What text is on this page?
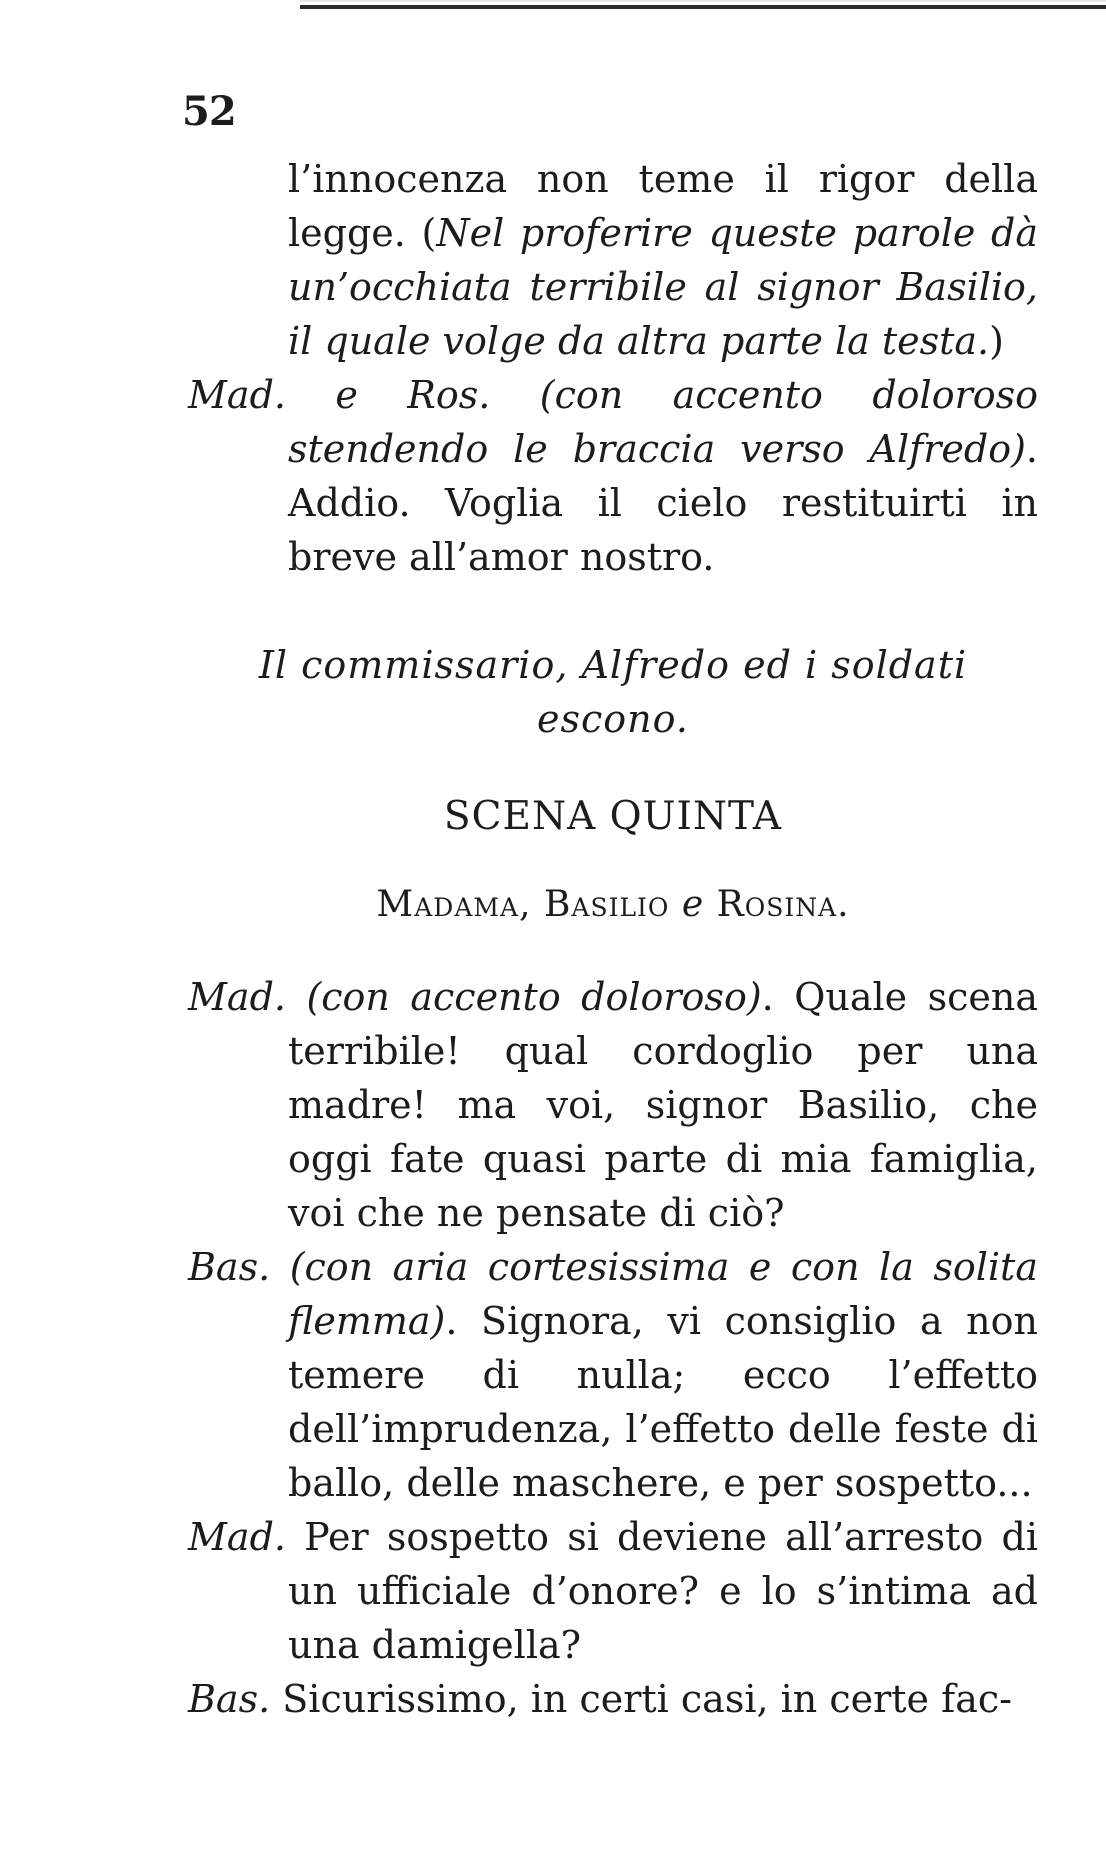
52

l’innocenza non teme il rigor della legge. (Nel proferire queste parole dà un’occhiata terribile al signor Basilio, il quale volge da altra parte la testa.)

Mad. e Ros. (con accento doloroso stendendo le braccia verso Alfredo). Addio. Voglia il cielo restituirti in breve all’amor nostro.

Il commissario, Alfredo ed i soldati escono.

SCENA QUINTA

Madama, Basilio e Rosina.

Mad. (con accento doloroso). Quale scena terribile! qual cordoglio per una madre! ma voi, signor Basilio, che oggi fate quasi parte di mia famiglia, voi che ne pensate di ciò?

Bas. (con aria cortesissima e con la solita flemma). Signora, vi consiglio a non temere di nulla; ecco l’effetto dell’imprudenza, l’effetto delle feste di ballo, delle maschere, e per sospetto...

Mad. Per sospetto si deviene all’arresto di un ufficiale d’onore? e lo s’intima ad una damigella?

Bas. Sicurissimo, in certi casi, in certe fac-
